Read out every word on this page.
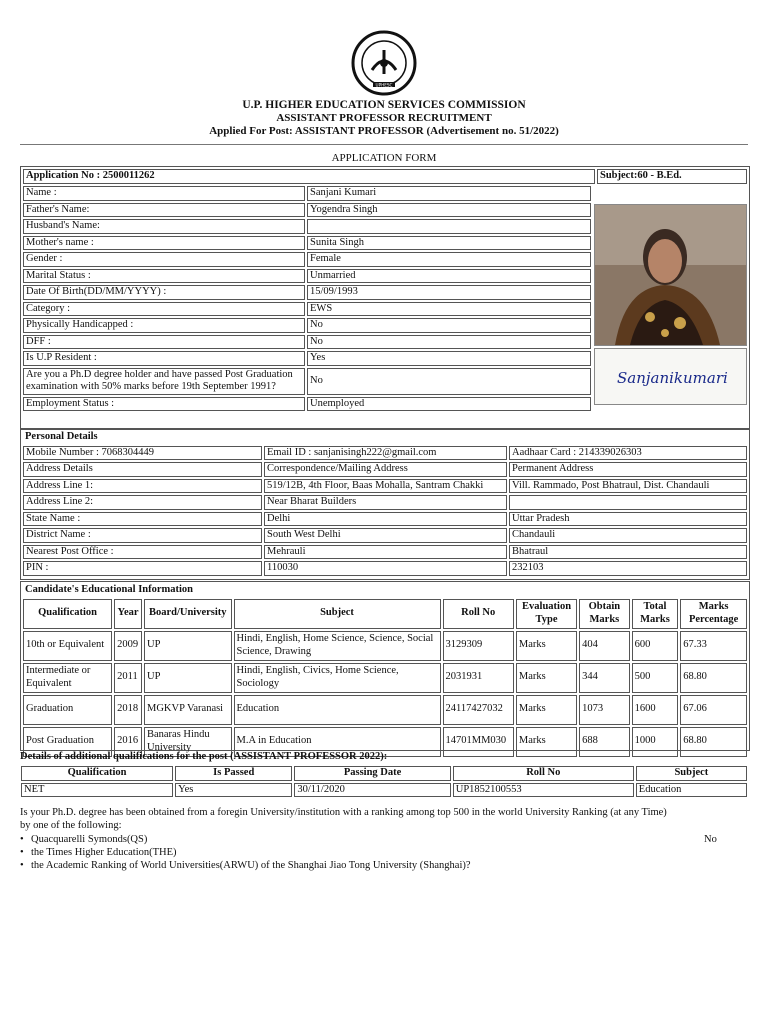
UPHESC
U.P. HIGHER EDUCATION SERVICES COMMISSION
ASSISTANT PROFESSOR RECRUITMENT
Applied For Post: ASSISTANT PROFESSOR (Advertisement no. 51/2022)
APPLICATION FORM
Application No : 2500011262	Subject:60 - B.Ed.
Name :	Sanjani Kumari
Father's Name:	Yogendra Singh
Husband's Name:	
Mother's name :	Sunita Singh
Gender :	Female
Marital Status :	Unmarried
Date Of Birth(DD/MM/YYYY) :	15/09/1993
Category :	EWS
Physically Handicapped :	No
DFF :	No
Is U.P Resident :	Yes
Are you a Ph.D degree holder and have passed Post Graduation examination with 50% marks before 19th September 1991?	No
Employment Status :	Unemployed
Sanjanikumari
Personal Details		
Mobile Number : 7068304449	Email ID : sanjanisingh222@gmail.com	Aadhaar Card : 214339026303
Address Details	Correspondence/Mailing Address	Permanent Address
Address Line 1:	519/12B, 4th Floor, Baas Mohalla, Santram Chakki	Vill. Rammado, Post Bhatraul, Dist. Chandauli
Address Line 2:	Near Bharat Builders	
State Name :	Delhi	Uttar Pradesh
District Name :	South West Delhi	Chandauli
Nearest Post Office :	Mehrauli	Bhatraul
PIN :	110030	232103
Candidate's Educational Information								
Qualification	Year	Board/University	Subject	Roll No	Evaluation Type	Obtain Marks	Total Marks	Marks Percentage
10th or Equivalent	2009	UP	Hindi, English, Home Science, Science, Social Science, Drawing	3129309	Marks	404	600	67.33
Intermediate or Equivalent	2011	UP	Hindi, English, Civics, Home Science, Sociology	2031931	Marks	344	500	68.80
Graduation	2018	MGKVP Varanasi	Education	24117427032	Marks	1073	1600	67.06
Post Graduation	2016	Banaras Hindu University	M.A in Education	14701MM030	Marks	688	1000	68.80
Details of additional qualifications for the post (ASSISTANT PROFESSOR 2022):
Qualification	Is Passed	Passing Date	Roll No	Subject
NET	Yes	30/11/2020	UP1852100553	Education
Is your Ph.D. degree has been obtained from a foregin University/institution with a ranking among top 500 in the world University Ranking (at any Time) by one of the following:
No
• Quacquarelli Symonds(QS)
• the Times Higher Education(THE)
• the Academic Ranking of World Universities(ARWU) of the Shanghai Jiao Tong University (Shanghai)?
